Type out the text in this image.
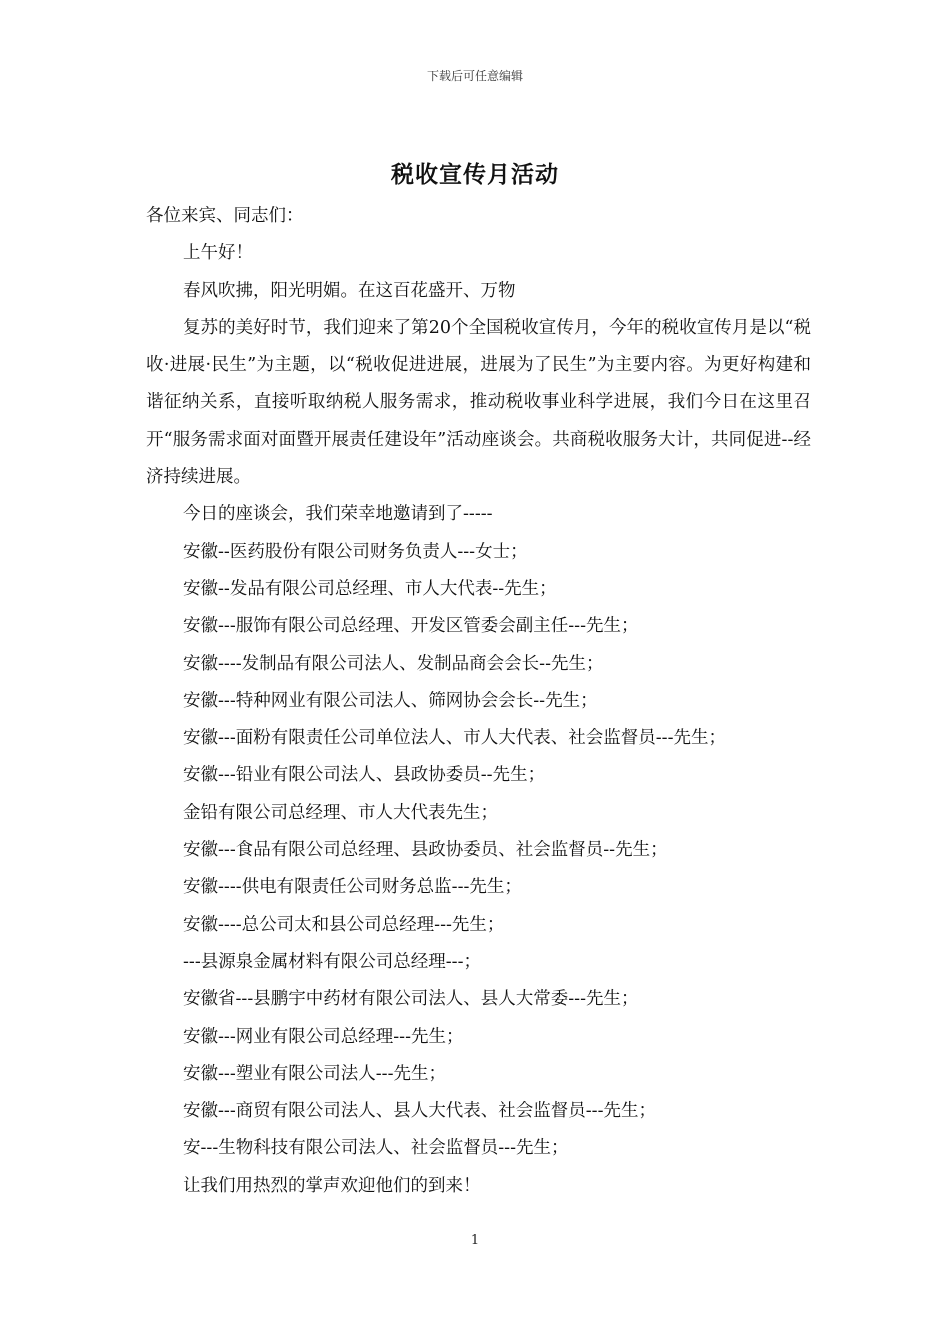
下载后可任意编辑
税收宣传月活动

各位来宾、同志们：

上午好！

春风吹拂，阳光明媚。在这百花盛开、万物

复苏的美好时节，我们迎来了第20个全国税收宣传月，今年的税收宣传月是以“税收·进展·民生”为主题，以“税收促进进展，进展为了民生”为主要内容。为更好构建和谐征纳关系，直接听取纳税人服务需求，推动税收事业科学进展，我们今日在这里召开“服务需求面对面暨开展责任建设年”活动座谈会。共商税收服务大计，共同促进--经济持续进展。

今日的座谈会，我们荣幸地邀请到了-----

安徽--医药股份有限公司财务负责人---女士；

安徽--发品有限公司总经理、市人大代表--先生；

安徽---服饰有限公司总经理、开发区管委会副主任---先生；

安徽----发制品有限公司法人、发制品商会会长--先生；

安徽---特种网业有限公司法人、筛网协会会长--先生；

安徽---面粉有限责任公司单位法人、市人大代表、社会监督员---先生；

安徽---铅业有限公司法人、县政协委员--先生；

金铅有限公司总经理、市人大代表先生；

安徽---食品有限公司总经理、县政协委员、社会监督员--先生；

安徽----供电有限责任公司财务总监---先生；

安徽----总公司太和县公司总经理---先生；

---县源泉金属材料有限公司总经理---；

安徽省---县鹏宇中药材有限公司法人、县人大常委---先生；

安徽---网业有限公司总经理---先生；

安徽---塑业有限公司法人---先生；

安徽---商贸有限公司法人、县人大代表、社会监督员---先生；

安---生物科技有限公司法人、社会监督员---先生；

让我们用热烈的掌声欢迎他们的到来！

1
